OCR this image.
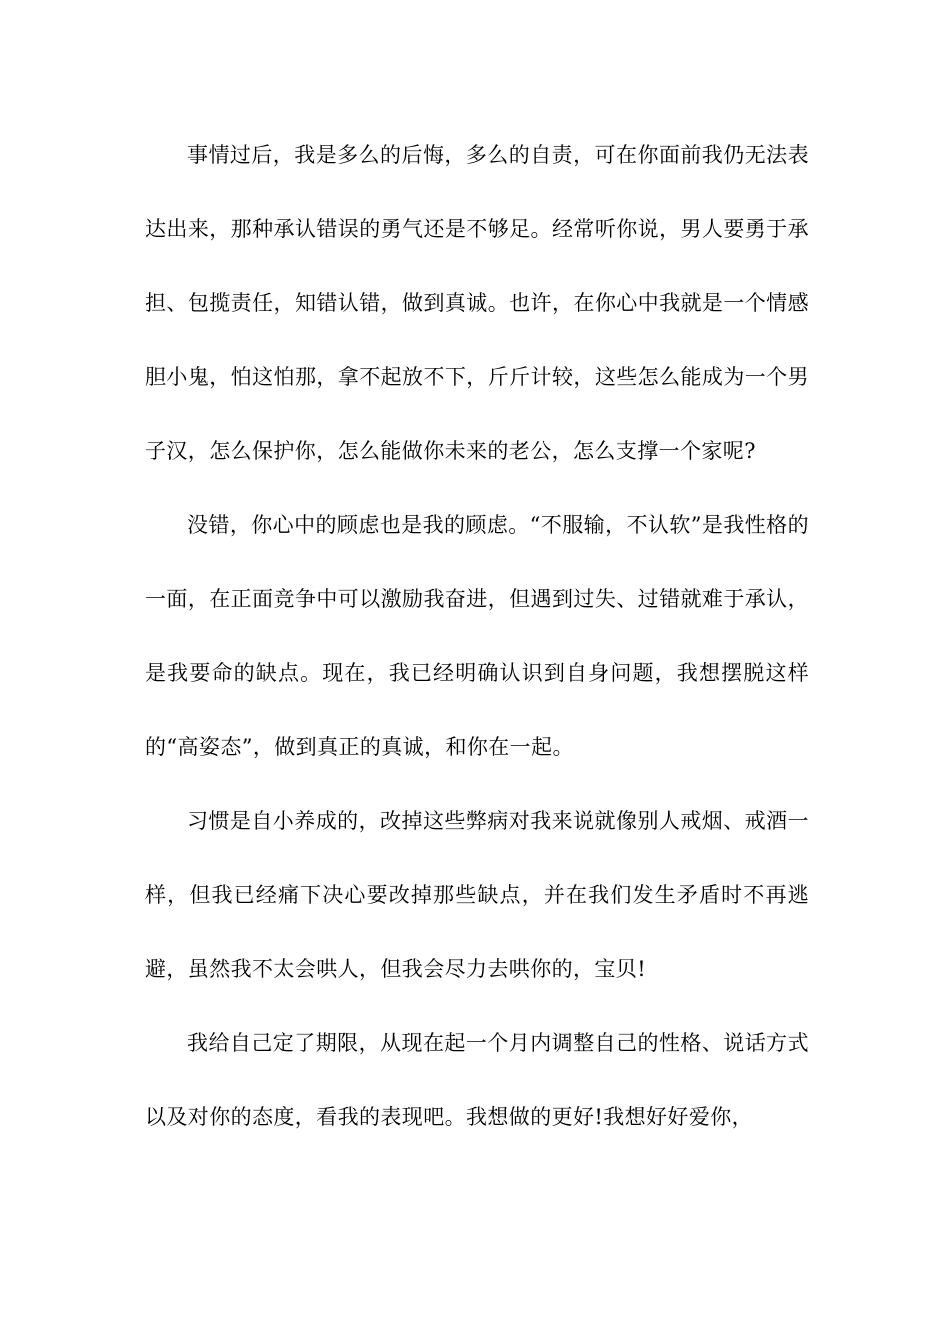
事情过后，我是多么的后悔，多么的自责，可在你面前我仍无法表达出来，那种承认错误的勇气还是不够足。经常听你说，男人要勇于承担、包揽责任，知错认错，做到真诚。也许，在你心中我就是一个情感胆小鬼，怕这怕那，拿不起放不下，斤斤计较，这些怎么能成为一个男子汉，怎么保护你，怎么能做你未来的老公，怎么支撑一个家呢?

没错，你心中的顾虑也是我的顾虑。“不服输，不认软”是我性格的一面，在正面竞争中可以激励我奋进，但遇到过失、过错就难于承认，是我要命的缺点。现在，我已经明确认识到自身问题，我想摆脱这样的“高姿态”，做到真正的真诚，和你在一起。

习惯是自小养成的，改掉这些弊病对我来说就像别人戒烟、戒酒一样，但我已经痛下决心要改掉那些缺点，并在我们发生矛盾时不再逃避，虽然我不太会哄人，但我会尽力去哄你的，宝贝!

我给自己定了期限，从现在起一个月内调整自己的性格、说话方式以及对你的态度，看我的表现吧。我想做的更好!我想好好爱你，
